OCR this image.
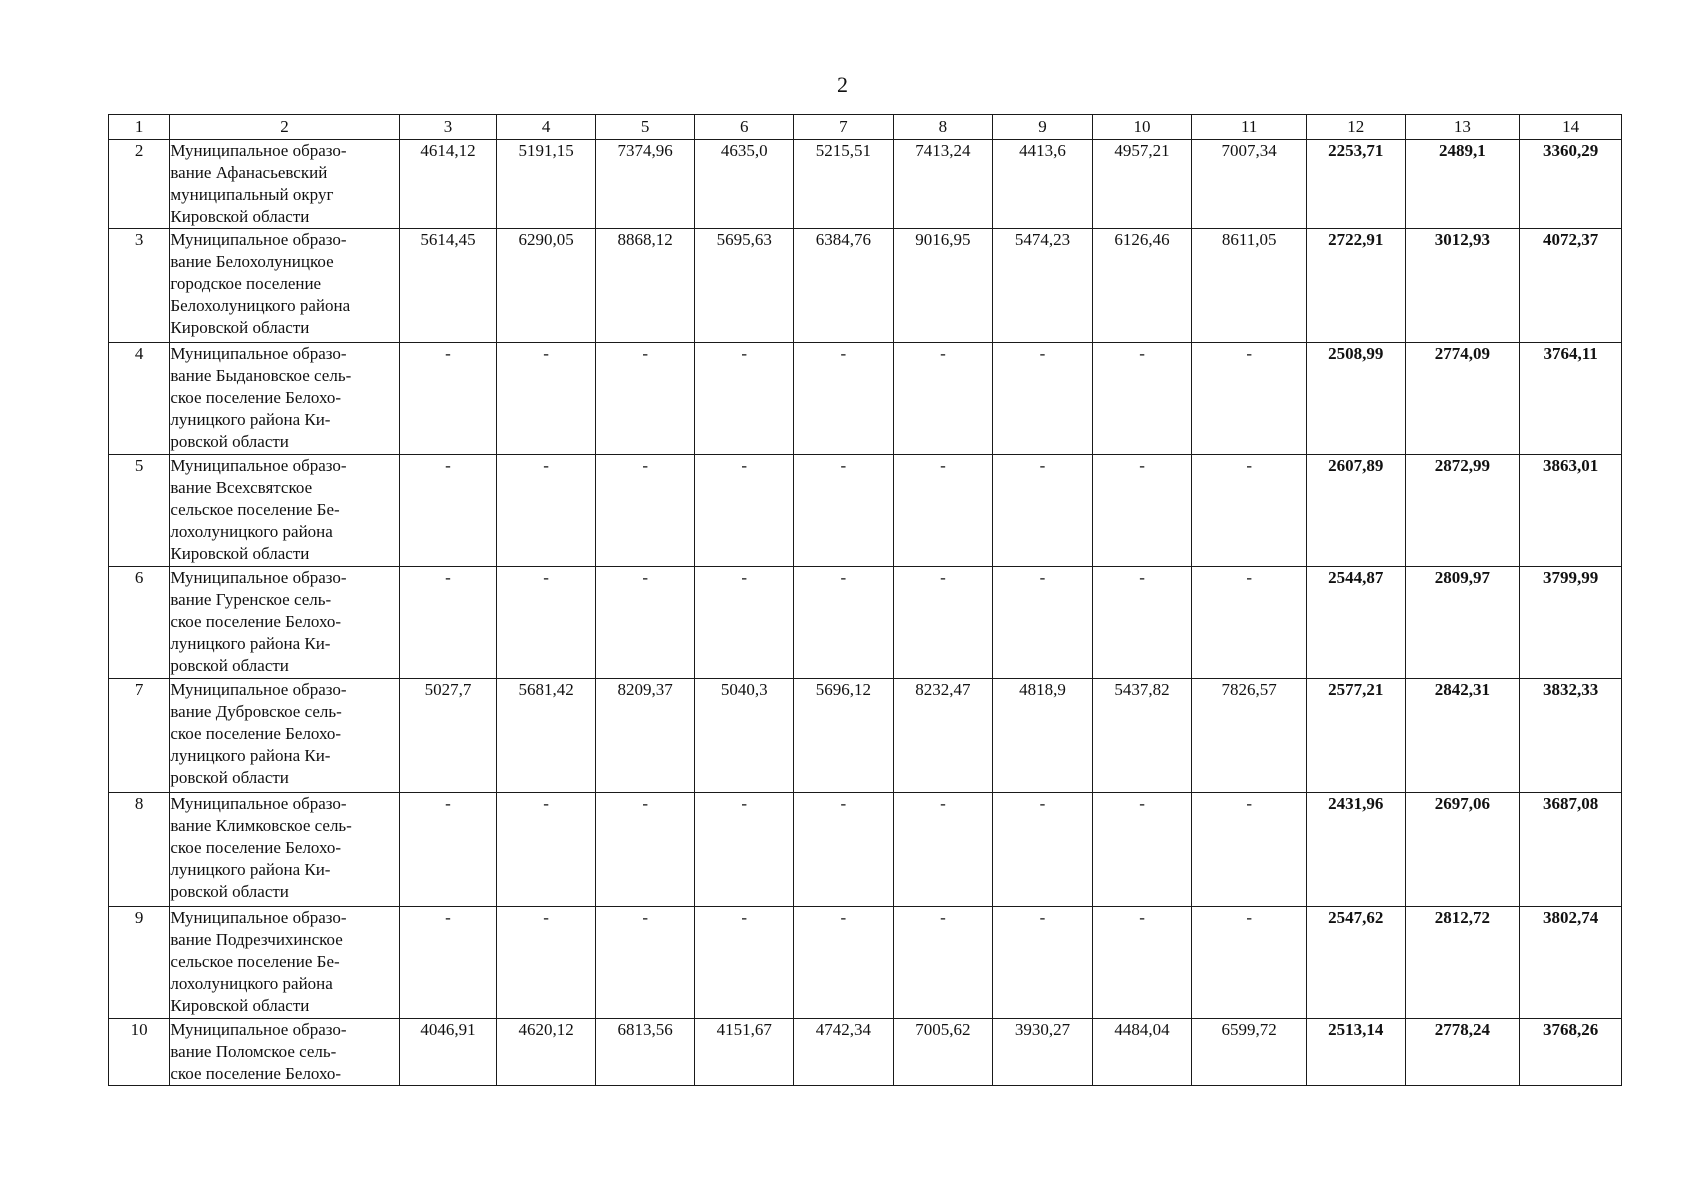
2
1	2	3	4	5	6	7	8	9	10	11	12	13	14
2	Муниципальное образо-
вание Афанасьевский
муниципальный округ
Кировской области	4614,12	5191,15	7374,96	4635,0	5215,51	7413,24	4413,6	4957,21	7007,34	2253,71	2489,1	3360,29
3	Муниципальное образо-
вание Белохолуницкое
городское поселение
Белохолуницкого района
Кировской области	5614,45	6290,05	8868,12	5695,63	6384,76	9016,95	5474,23	6126,46	8611,05	2722,91	3012,93	4072,37
4	Муниципальное образо-
вание Быдановское сель-
ское поселение Белохо-
луницкого района Ки-
ровской области	-	-	-	-	-	-	-	-	-	2508,99	2774,09	3764,11
5	Муниципальное образо-
вание Всехсвятское
сельское поселение Бе-
лохолуницкого района
Кировской области	-	-	-	-	-	-	-	-	-	2607,89	2872,99	3863,01
6	Муниципальное образо-
вание Гуренское сель-
ское поселение Белохо-
луницкого района Ки-
ровской области	-	-	-	-	-	-	-	-	-	2544,87	2809,97	3799,99
7	Муниципальное образо-
вание Дубровское сель-
ское поселение Белохо-
луницкого района Ки-
ровской области	5027,7	5681,42	8209,37	5040,3	5696,12	8232,47	4818,9	5437,82	7826,57	2577,21	2842,31	3832,33
8	Муниципальное образо-
вание Климковское сель-
ское поселение Белохо-
луницкого района Ки-
ровской области	-	-	-	-	-	-	-	-	-	2431,96	2697,06	3687,08
9	Муниципальное образо-
вание Подрезчихинское
сельское поселение Бе-
лохолуницкого района
Кировской области	-	-	-	-	-	-	-	-	-	2547,62	2812,72	3802,74
10	Муниципальное образо-
вание Поломское сель-
ское поселение Белохо-	4046,91	4620,12	6813,56	4151,67	4742,34	7005,62	3930,27	4484,04	6599,72	2513,14	2778,24	3768,26
